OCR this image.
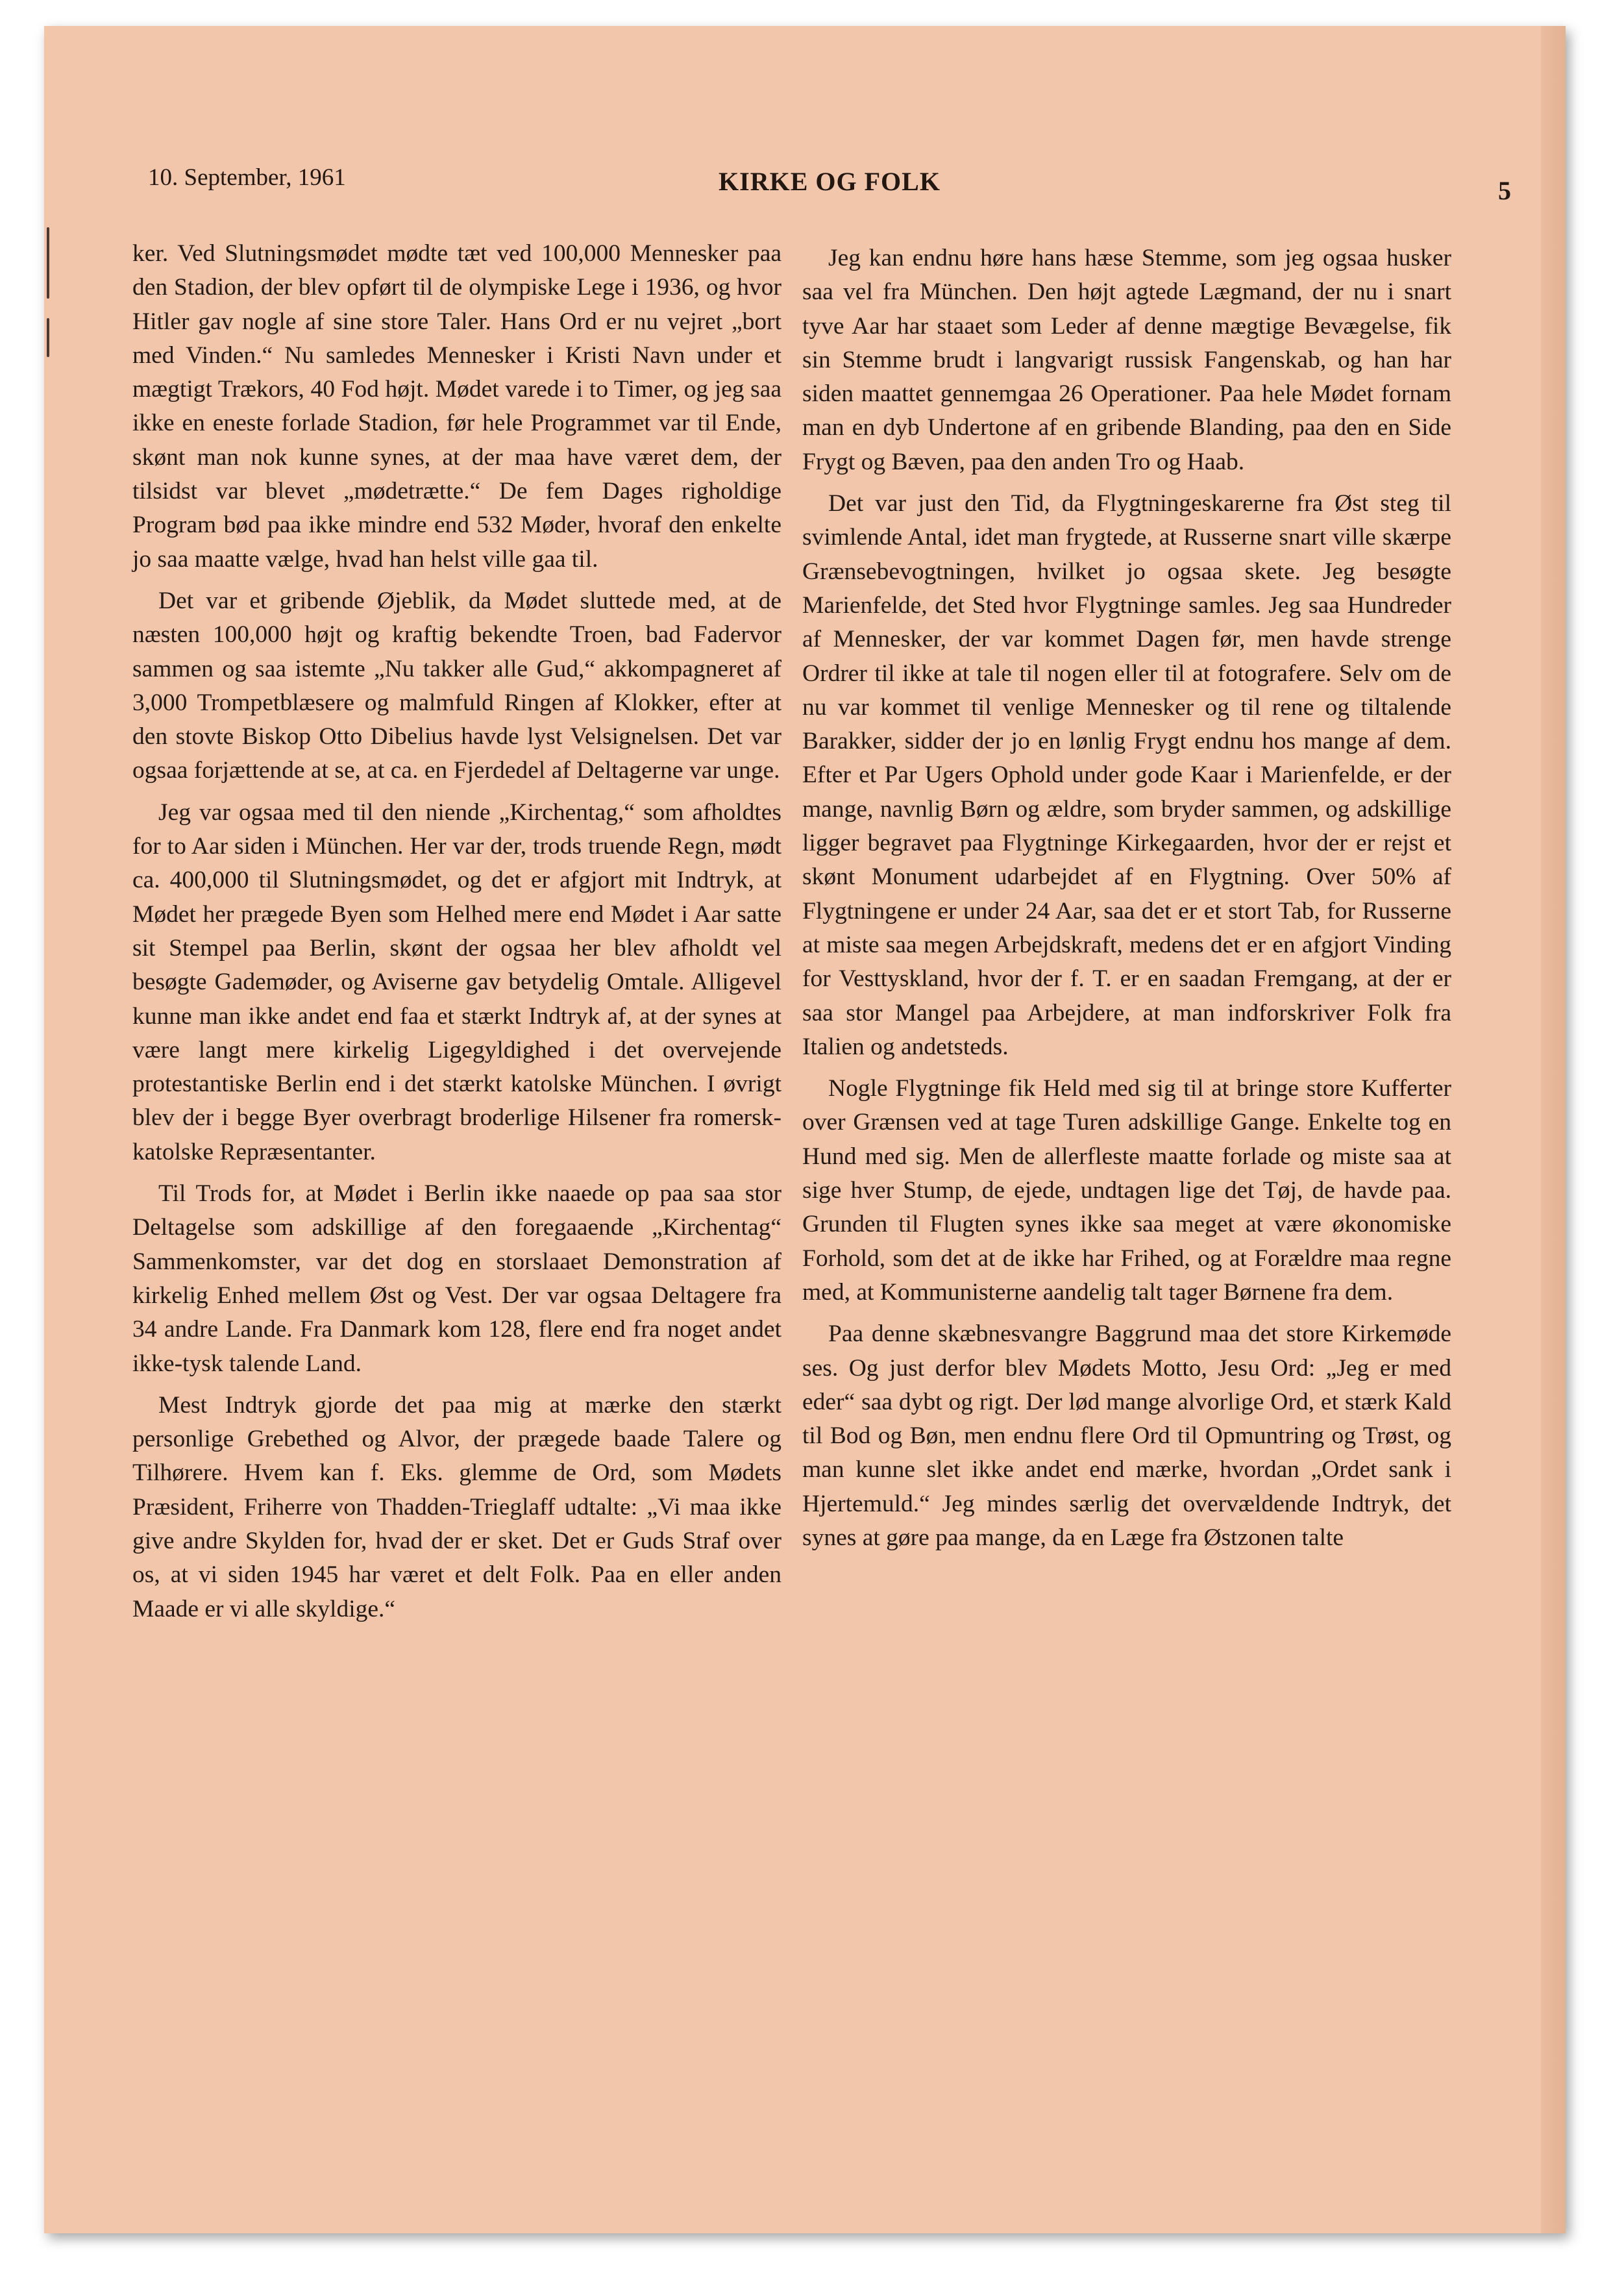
10. September, 1961	KIRKE OG FOLK	5

ker. Ved Slutningsmødet mødte tæt ved 100,000 Mennesker paa den Stadion, der blev opført til de olympiske Lege i 1936, og hvor Hitler gav nogle af sine store Taler. Hans Ord er nu vejret „bort med Vinden.“ Nu samledes Mennesker i Kristi Navn under et mægtigt Trækors, 40 Fod højt. Mødet varede i to Timer, og jeg saa ikke en eneste forlade Stadion, før hele Programmet var til Ende, skønt man nok kunne synes, at der maa have været dem, der tilsidst var blevet „mødetrætte.“ De fem Dages righoldige Program bød paa ikke mindre end 532 Møder, hvoraf den enkelte jo saa maatte vælge, hvad han helst ville gaa til.

Det var et gribende Øjeblik, da Mødet sluttede med, at de næsten 100,000 højt og kraftig bekendte Troen, bad Fadervor sammen og saa istemte „Nu takker alle Gud,“ akkompagneret af 3,000 Trompetblæsere og malmfuld Ringen af Klokker, efter at den stovte Biskop Otto Dibelius havde lyst Velsignelsen. Det var ogsaa forjættende at se, at ca. en Fjerdedel af Deltagerne var unge.

Jeg var ogsaa med til den niende „Kirchentag,“ som afholdtes for to Aar siden i München. Her var der, trods truende Regn, mødt ca. 400,000 til Slutningsmødet, og det er afgjort mit Indtryk, at Mødet her prægede Byen som Helhed mere end Mødet i Aar satte sit Stempel paa Berlin, skønt der ogsaa her blev afholdt vel besøgte Gademøder, og Aviserne gav betydelig Omtale. Alligevel kunne man ikke andet end faa et stærkt Indtryk af, at der synes at være langt mere kirkelig Ligegyldighed i det overvejende protestantiske Berlin end i det stærkt katolske München. I øvrigt blev der i begge Byer overbragt broderlige Hilsener fra romersk-katolske Repræsentanter.

Til Trods for, at Mødet i Berlin ikke naaede op paa saa stor Deltagelse som adskillige af den foregaaende „Kirchentag“ Sammenkomster, var det dog en storslaaet Demonstration af kirkelig Enhed mellem Øst og Vest. Der var ogsaa Deltagere fra 34 andre Lande. Fra Danmark kom 128, flere end fra noget andet ikke-tysk talende Land.

Mest Indtryk gjorde det paa mig at mærke den stærkt personlige Grebethed og Alvor, der prægede baade Talere og Tilhørere. Hvem kan f. Eks. glemme de Ord, som Mødets Præsident, Friherre von Thadden-Trieglaff udtalte: „Vi maa ikke give andre Skylden for, hvad der er sket. Det er Guds Straf over os, at vi siden 1945 har været et delt Folk. Paa en eller anden Maade er vi alle skyldige.“

Jeg kan endnu høre hans hæse Stemme, som jeg ogsaa husker saa vel fra München. Den højt agtede Lægmand, der nu i snart tyve Aar har staaet som Leder af denne mægtige Bevægelse, fik sin Stemme brudt i langvarigt russisk Fangenskab, og han har siden maattet gennemgaa 26 Operationer. Paa hele Mødet fornam man en dyb Undertone af en gribende Blanding, paa den en Side Frygt og Bæven, paa den anden Tro og Haab.

Det var just den Tid, da Flygtningeskarerne fra Øst steg til svimlende Antal, idet man frygtede, at Russerne snart ville skærpe Grænsebevogtningen, hvilket jo ogsaa skete. Jeg besøgte Marienfelde, det Sted hvor Flygtninge samles. Jeg saa Hundreder af Mennesker, der var kommet Dagen før, men havde strenge Ordrer til ikke at tale til nogen eller til at fotografere. Selv om de nu var kommet til venlige Mennesker og til rene og tiltalende Barakker, sidder der jo en lønlig Frygt endnu hos mange af dem. Efter et Par Ugers Ophold under gode Kaar i Marienfelde, er der mange, navnlig Børn og ældre, som bryder sammen, og adskillige ligger begravet paa Flygtninge Kirkegaarden, hvor der er rejst et skønt Monument udarbejdet af en Flygtning. Over 50% af Flygtningene er under 24 Aar, saa det er et stort Tab, for Russerne at miste saa megen Arbejdskraft, medens det er en afgjort Vinding for Vesttyskland, hvor der f. T. er en saadan Fremgang, at der er saa stor Mangel paa Arbejdere, at man indforskriver Folk fra Italien og andetsteds.

Nogle Flygtninge fik Held med sig til at bringe store Kufferter over Grænsen ved at tage Turen adskillige Gange. Enkelte tog en Hund med sig. Men de allerfleste maatte forlade og miste saa at sige hver Stump, de ejede, undtagen lige det Tøj, de havde paa. Grunden til Flugten synes ikke saa meget at være økonomiske Forhold, som det at de ikke har Frihed, og at Forældre maa regne med, at Kommunisterne aandelig talt tager Børnene fra dem.

Paa denne skæbnesvangre Baggrund maa det store Kirkemøde ses. Og just derfor blev Mødets Motto, Jesu Ord: „Jeg er med eder“ saa dybt og rigt. Der lød mange alvorlige Ord, et stærk Kald til Bod og Bøn, men endnu flere Ord til Opmuntring og Trøst, og man kunne slet ikke andet end mærke, hvordan „Ordet sank i Hjertemuld.“ Jeg mindes særlig det overvældende Indtryk, det synes at gøre paa mange, da en Læge fra Østzonen talte
